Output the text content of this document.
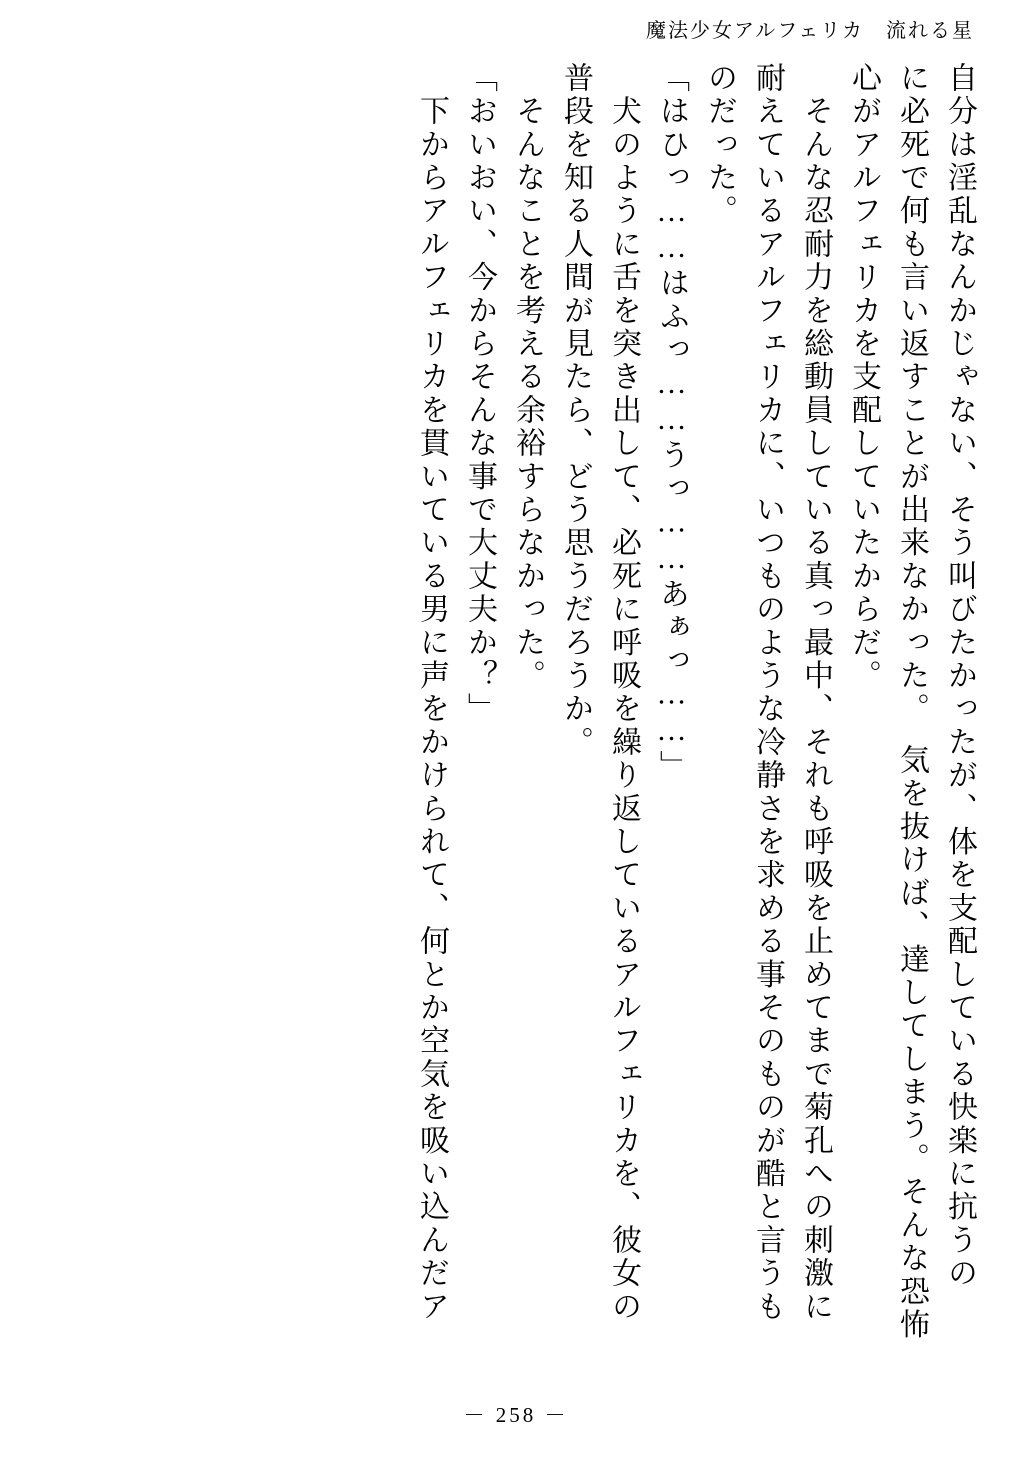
魔法少女アルフェリカ　流れる星
自分は淫乱なんかじゃない、そう叫びたかったが、体を支配している快楽に抗うの
に必死で何も言い返すことが出来なかった。　気を抜けば、達してしまう。そんな恐怖
心がアルフェリカを支配していたからだ。
　そんな忍耐力を総動員している真っ最中、それも呼吸を止めてまで菊孔への刺激に
耐えているアルフェリカに、いつものような冷静さを求める事そのものが酷と言うも
のだった。
「はひっ……はふっ……うっ……あぁっ……」
　犬のように舌を突き出して、必死に呼吸を繰り返しているアルフェリカを、彼女の
普段を知る人間が見たら、どう思うだろうか。
　そんなことを考える余裕すらなかった。
「おいおい、今からそんな事で大丈夫か？」
　下からアルフェリカを貫いている男に声をかけられて、何とか空気を吸い込んだア
－ 258 －
